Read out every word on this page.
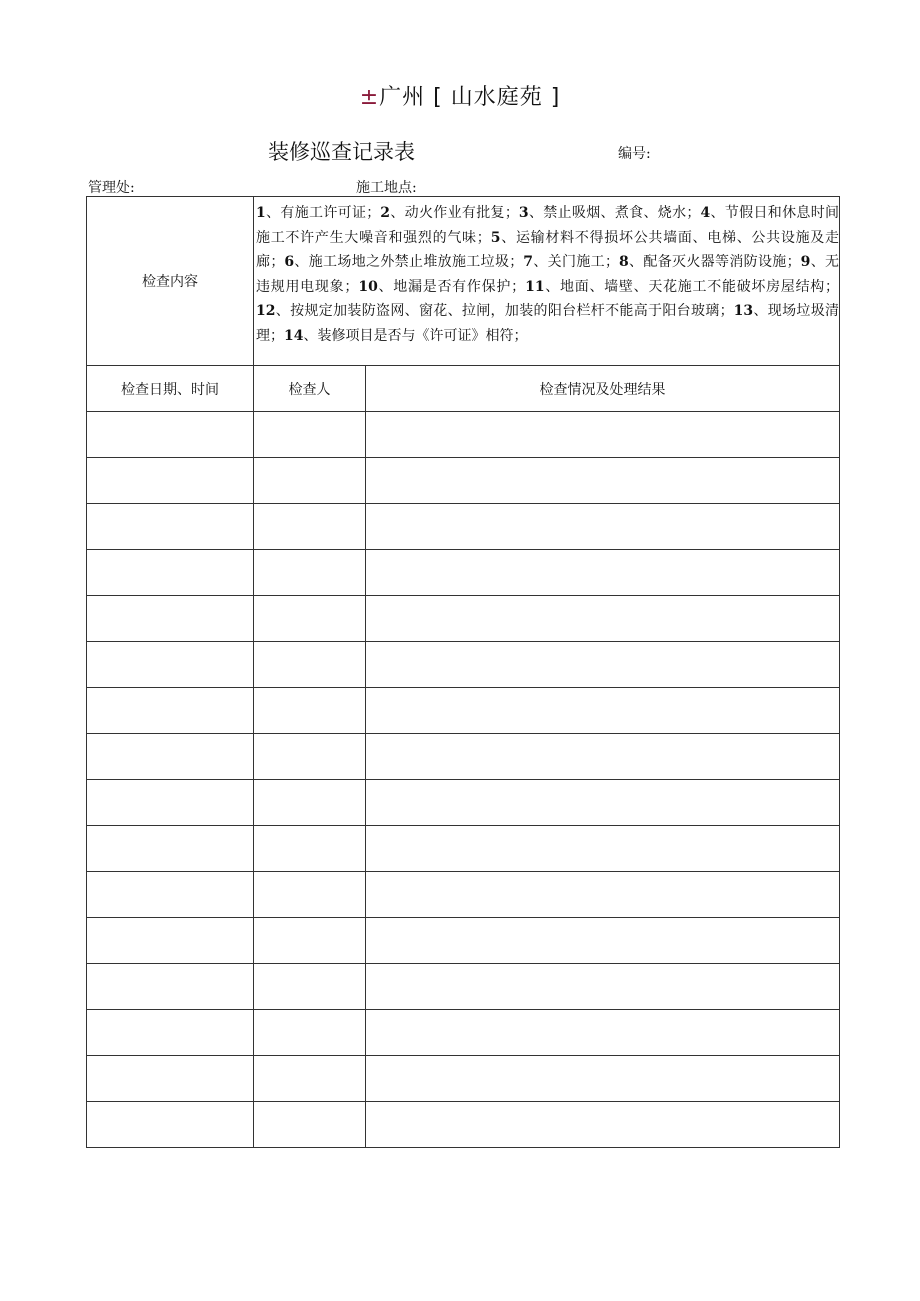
±广州 [ 山水庭苑 ]
装修巡查记录表	编号:
管理处:	施工地点:
检查内容	1、有施工许可证；2、动火作业有批复；3、禁止吸烟、煮食、烧水；4、节假日和休息时间施工不许产生大噪音和强烈的气味；5、运输材料不得损坏公共墙面、电梯、公共设施及走廊；6、施工场地之外禁止堆放施工垃圾；7、关门施工；8、配备灭火器等消防设施；9、无违规用电现象；10、地漏是否有作保护；11、地面、墙壁、天花施工不能破坏房屋结构；12、按规定加装防盗网、窗花、拉闸，加装的阳台栏杆不能高于阳台玻璃；13、现场垃圾清理；14、装修项目是否与《许可证》相符；	
检查日期、时间	检查人	检查情况及处理结果
